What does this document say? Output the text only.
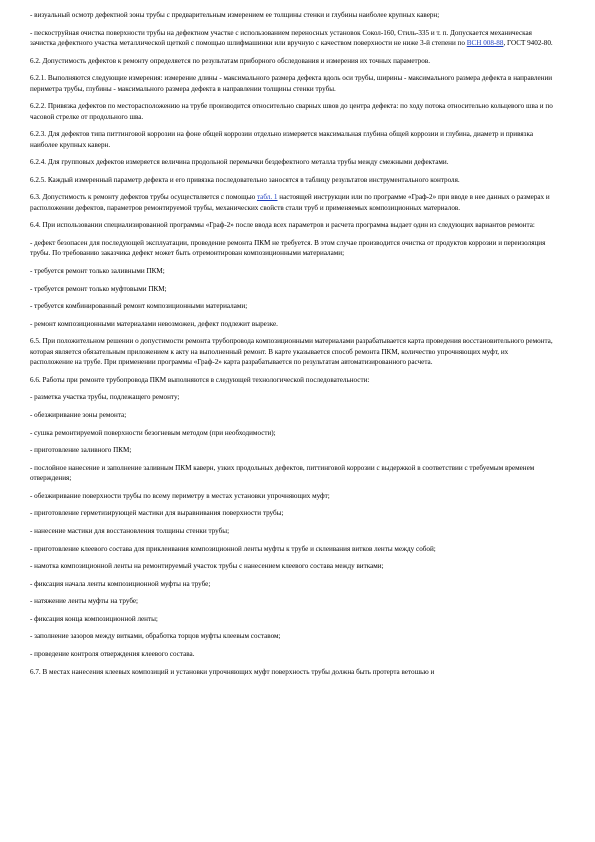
- визуальный осмотр дефектной зоны трубы с предварительным измерением ее толщины стенки и глубины наиболее крупных каверн;

- пескоструйная очистка поверхности трубы на дефектном участке с использованием переносных установок Сокол-160, Стиль-335 и т. п. Допускается механическая зачистка дефектного участка металлической щеткой с помощью шлифмашинки или вручную с качеством поверхности не ниже 3-й степени по ВСН 008-88, ГОСТ 9402-80.

6.2. Допустимость дефектов к ремонту определяется по результатам приборного обследования и измерения их точных параметров.

6.2.1. Выполняются следующие измерения: измерение длины - максимального размера дефекта вдоль оси трубы, ширины - максимального размера дефекта в направлении периметра трубы, глубины - максимального размера дефекта в направлении толщины стенки трубы.

6.2.2. Привязка дефектов по месторасположению на трубе производится относительно сварных швов до центра дефекта: по ходу потока относительно кольцевого шва и по часовой стрелке от продольного шва.

6.2.3. Для дефектов типа питтинговой коррозии на фоне общей коррозии отдельно измеряется максимальная глубина общей коррозии и глубина, диаметр и привязка наиболее крупных каверн.

6.2.4. Для групповых дефектов измеряется величина продольной перемычки бездефектного металла трубы между смежными дефектами.

6.2.5. Каждый измеренный параметр дефекта и его привязка последовательно заносятся в таблицу результатов инструментального контроля.

6.3. Допустимость к ремонту дефектов трубы осуществляется с помощью табл. 1 настоящей инструкции или по программе «Граф-2» при вводе в нее данных о размерах и расположении дефектов, параметров ремонтируемой трубы, механических свойств стали труб и применяемых композиционных материалов.

6.4. При использовании специализированной программы «Граф-2» после ввода всех параметров и расчета программа выдает один из следующих вариантов ремонта:

- дефект безопасен для последующей эксплуатации, проведение ремонта ПКМ не требуется. В этом случае производится очистка от продуктов коррозии и переизоляция трубы. По требованию заказчика дефект может быть отремонтирован композиционными материалами;

- требуется ремонт только заливными ПКМ;

- требуется ремонт только муфтовыми ПКМ;

- требуется комбинированный ремонт композиционными материалами;

- ремонт композиционными материалами невозможен, дефект подлежит вырезке.

6.5. При положительном решении о допустимости ремонта трубопровода композиционными материалами разрабатывается карта проведения восстановительного ремонта, которая является обязательным приложением к акту на выполненный ремонт. В карте указывается способ ремонта ПКМ, количество упрочняющих муфт, их расположение на трубе. При применении программы «Граф-2» карта разрабатывается по результатам автоматизированного расчета.

6.6. Работы при ремонте трубопровода ПКМ выполняются в следующей технологической последовательности:

- разметка участка трубы, подлежащего ремонту;

- обезжиривание зоны ремонта;

- сушка ремонтируемой поверхности безогневым методом (при необходимости);

- приготовление заливного ПКМ;

- послойное нанесение и заполнение заливным ПКМ каверн, узких продольных дефектов, питтинговой коррозии с выдержкой в соответствии с требуемым временем отверждения;

- обезжиривание поверхности трубы по всему периметру в местах установки упрочняющих муфт;

- приготовление герметизирующей мастики для выравнивания поверхности трубы;

- нанесение мастики для восстановления толщины стенки трубы;

- приготовление клеевого состава для приклеивания композиционной ленты муфты к трубе и склеивания витков ленты между собой;

- намотка композиционной ленты на ремонтируемый участок трубы с нанесением клеевого состава между витками;

- фиксация начала ленты композиционной муфты на трубе;

- натяжение ленты муфты на трубе;

- фиксация конца композиционной ленты;

- заполнение зазоров между витками, обработка торцов муфты клеевым составом;

- проведение контроля отверждения клеевого состава.

6.7. В местах нанесения клеевых композиций и установки упрочняющих муфт поверхность трубы должна быть протерта ветошью и
